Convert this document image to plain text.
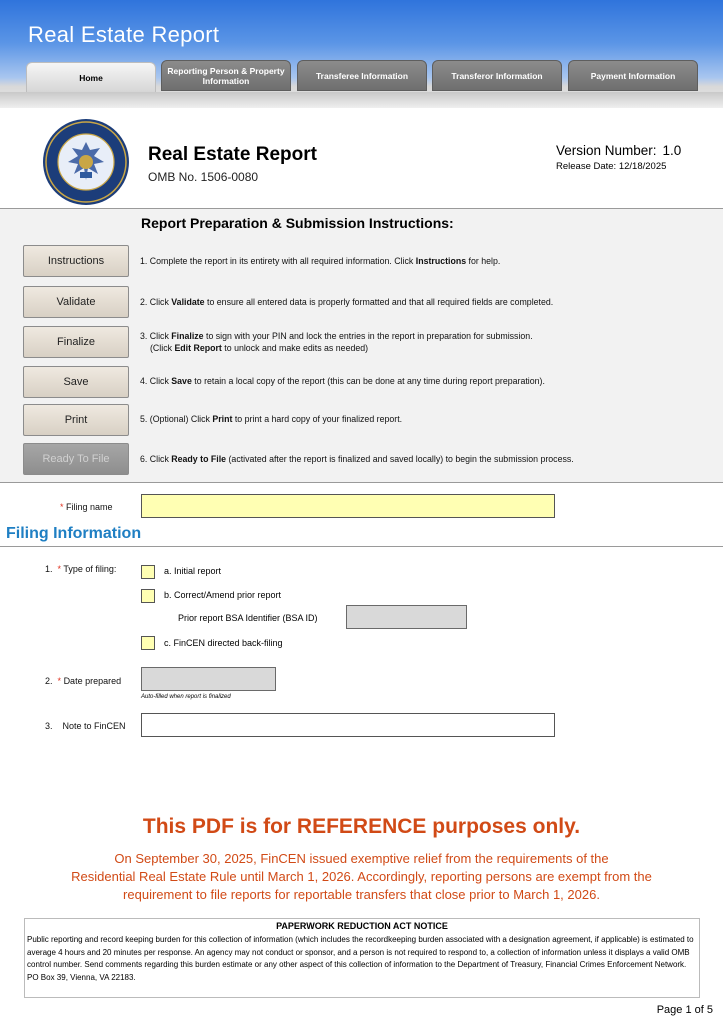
Real Estate Report
Home
Reporting Person & Property Information	Transferee Information	Transferor Information	Payment Information
Real Estate Report
OMB No. 1506-0080
Version Number: 1.0
Release Date: 12/18/2025
Report Preparation & Submission Instructions:
Instructions	1. Complete the report in its entirety with all required information. Click Instructions for help.
Validate	2. Click Validate to ensure all entered data is properly formatted and that all required fields are completed.
Finalize	3. Click Finalize to sign with your PIN and lock the entries in the report in preparation for submission.
(Click Edit Report to unlock and make edits as needed)
Save	4. Click Save to retain a local copy of the report (this can be done at any time during report preparation).
Print	5. (Optional) Click Print to print a hard copy of your finalized report.
Ready To File	6. Click Ready to File (activated after the report is finalized and saved locally) to begin the submission process.
* Filing name
Filing Information
1. * Type of filing:	a. Initial report
b. Correct/Amend prior report
Prior report BSA Identifier (BSA ID)
c. FinCEN directed back-filing
2. * Date prepared
Auto-filled when report is finalized
3. Note to FinCEN
This PDF is for REFERENCE purposes only.
On September 30, 2025, FinCEN issued exemptive relief from the requirements of the
Residential Real Estate Rule until March 1, 2026. Accordingly, reporting persons are exempt from the
requirement to file reports for reportable transfers that close prior to March 1, 2026.
PAPERWORK REDUCTION ACT NOTICE
Public reporting and record keeping burden for this collection of information (which includes the recordkeeping burden associated with a designation agreement, if applicable) is estimated to average 4 hours and 20 minutes per response. An agency may not conduct or sponsor, and a person is not required to respond to, a collection of information unless it displays a valid OMB control number. Send comments regarding this burden estimate or any other aspect of this collection of information to the Department of Treasury, Financial Crimes Enforcement Network. PO Box 39, Vienna, VA 22183.
Page 1 of 5
